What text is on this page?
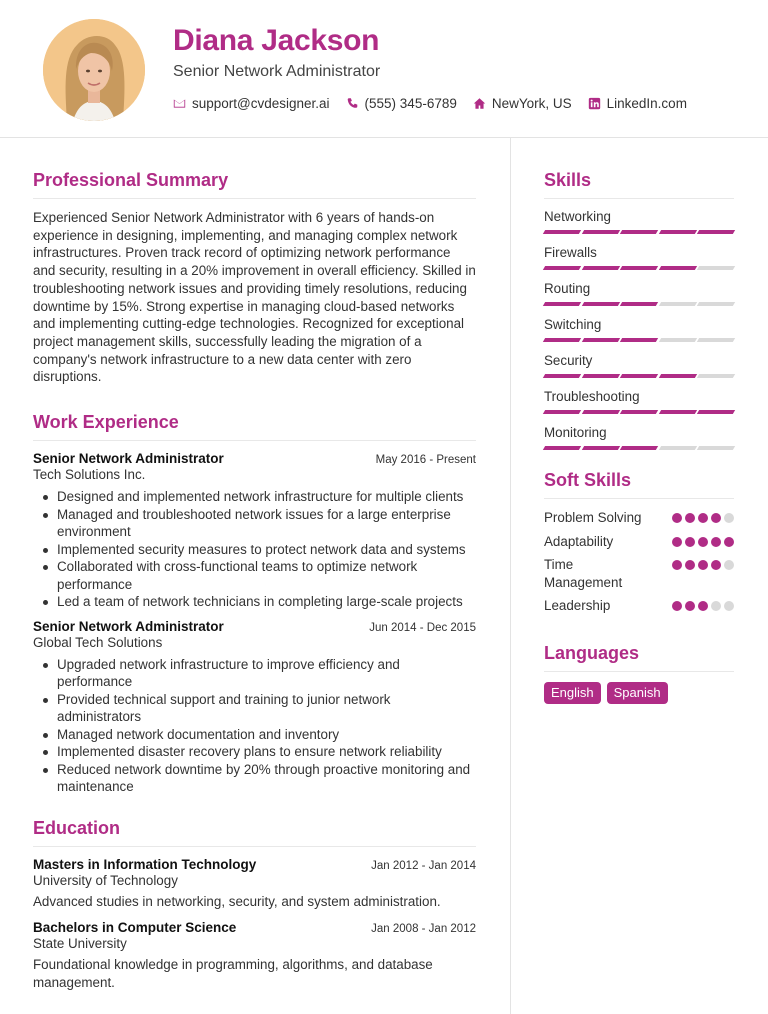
Diana Jackson
Senior Network Administrator
support@cvdesigner.ai	(555) 345-6789	NewYork, US	LinkedIn.com
Professional Summary
Experienced Senior Network Administrator with 6 years of hands-on experience in designing, implementing, and managing complex network infrastructures. Proven track record of optimizing network performance and security, resulting in a 20% improvement in overall efficiency. Skilled in troubleshooting network issues and providing timely resolutions, reducing downtime by 15%. Strong expertise in managing cloud-based networks and implementing cutting-edge technologies. Recognized for exceptional project management skills, successfully leading the migration of a company's network infrastructure to a new data center with zero disruptions.
Work Experience
Senior Network Administrator	May 2016 - Present
Tech Solutions Inc.
Designed and implemented network infrastructure for multiple clients
Managed and troubleshooted network issues for a large enterprise environment
Implemented security measures to protect network data and systems
Collaborated with cross-functional teams to optimize network performance
Led a team of network technicians in completing large-scale projects
Senior Network Administrator	Jun 2014 - Dec 2015
Global Tech Solutions
Upgraded network infrastructure to improve efficiency and performance
Provided technical support and training to junior network administrators
Managed network documentation and inventory
Implemented disaster recovery plans to ensure network reliability
Reduced network downtime by 20% through proactive monitoring and maintenance
Education
Masters in Information Technology	Jan 2012 - Jan 2014
University of Technology
Advanced studies in networking, security, and system administration.
Bachelors in Computer Science	Jan 2008 - Jan 2012
State University
Foundational knowledge in programming, algorithms, and database management.
Skills
Networking
Firewalls
Routing
Switching
Security
Troubleshooting
Monitoring
Soft Skills
Problem Solving
Adaptability
Time Management
Leadership
Languages
English	Spanish
